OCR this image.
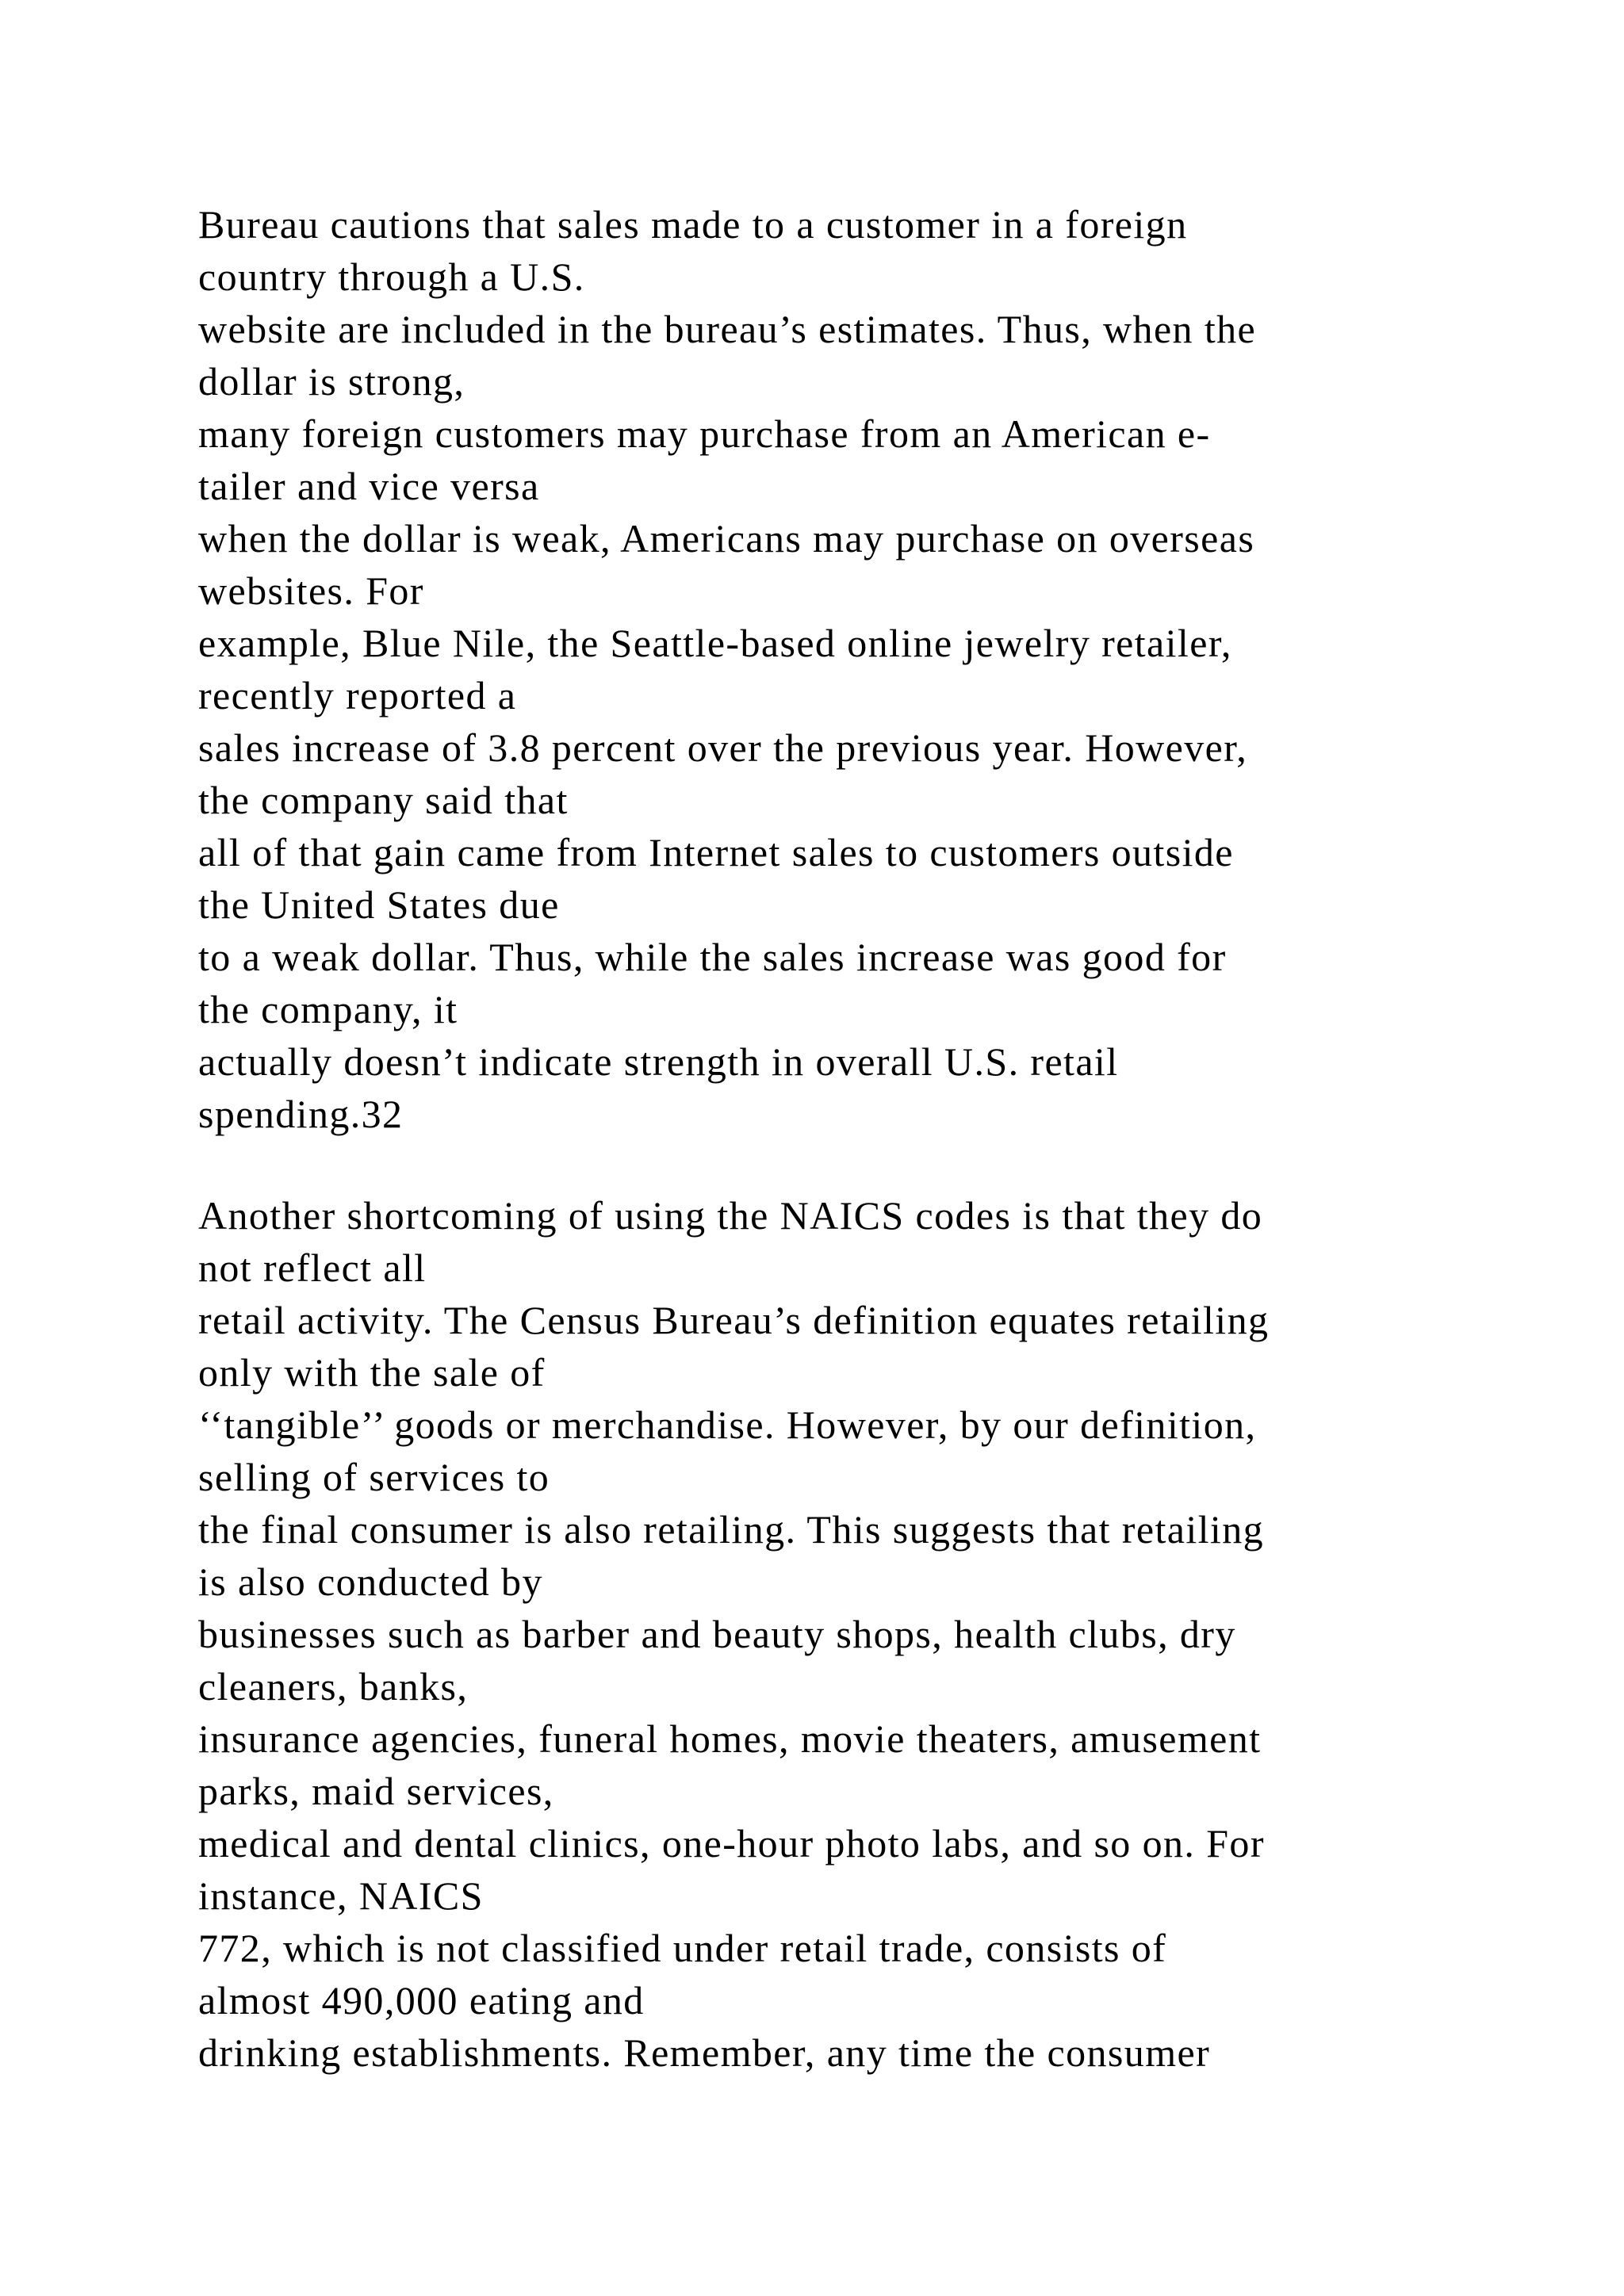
Bureau cautions that sales made to a customer in a foreign
country through a U.S.
website are included in the bureau’s estimates. Thus, when the
dollar is strong,
many foreign customers may purchase from an American e-
tailer and vice versa
when the dollar is weak, Americans may purchase on overseas
websites. For
example, Blue Nile, the Seattle-based online jewelry retailer,
recently reported a
sales increase of 3.8 percent over the previous year. However,
the company said that
all of that gain came from Internet sales to customers outside
the United States due
to a weak dollar. Thus, while the sales increase was good for
the company, it
actually doesn’t indicate strength in overall U.S. retail
spending.32
Another shortcoming of using the NAICS codes is that they do
not reflect all
retail activity. The Census Bureau’s definition equates retailing
only with the sale of
‘‘tangible’’ goods or merchandise. However, by our definition,
selling of services to
the final consumer is also retailing. This suggests that retailing
is also conducted by
businesses such as barber and beauty shops, health clubs, dry
cleaners, banks,
insurance agencies, funeral homes, movie theaters, amusement
parks, maid services,
medical and dental clinics, one-hour photo labs, and so on. For
instance, NAICS
772, which is not classified under retail trade, consists of
almost 490,000 eating and
drinking establishments. Remember, any time the consumer
